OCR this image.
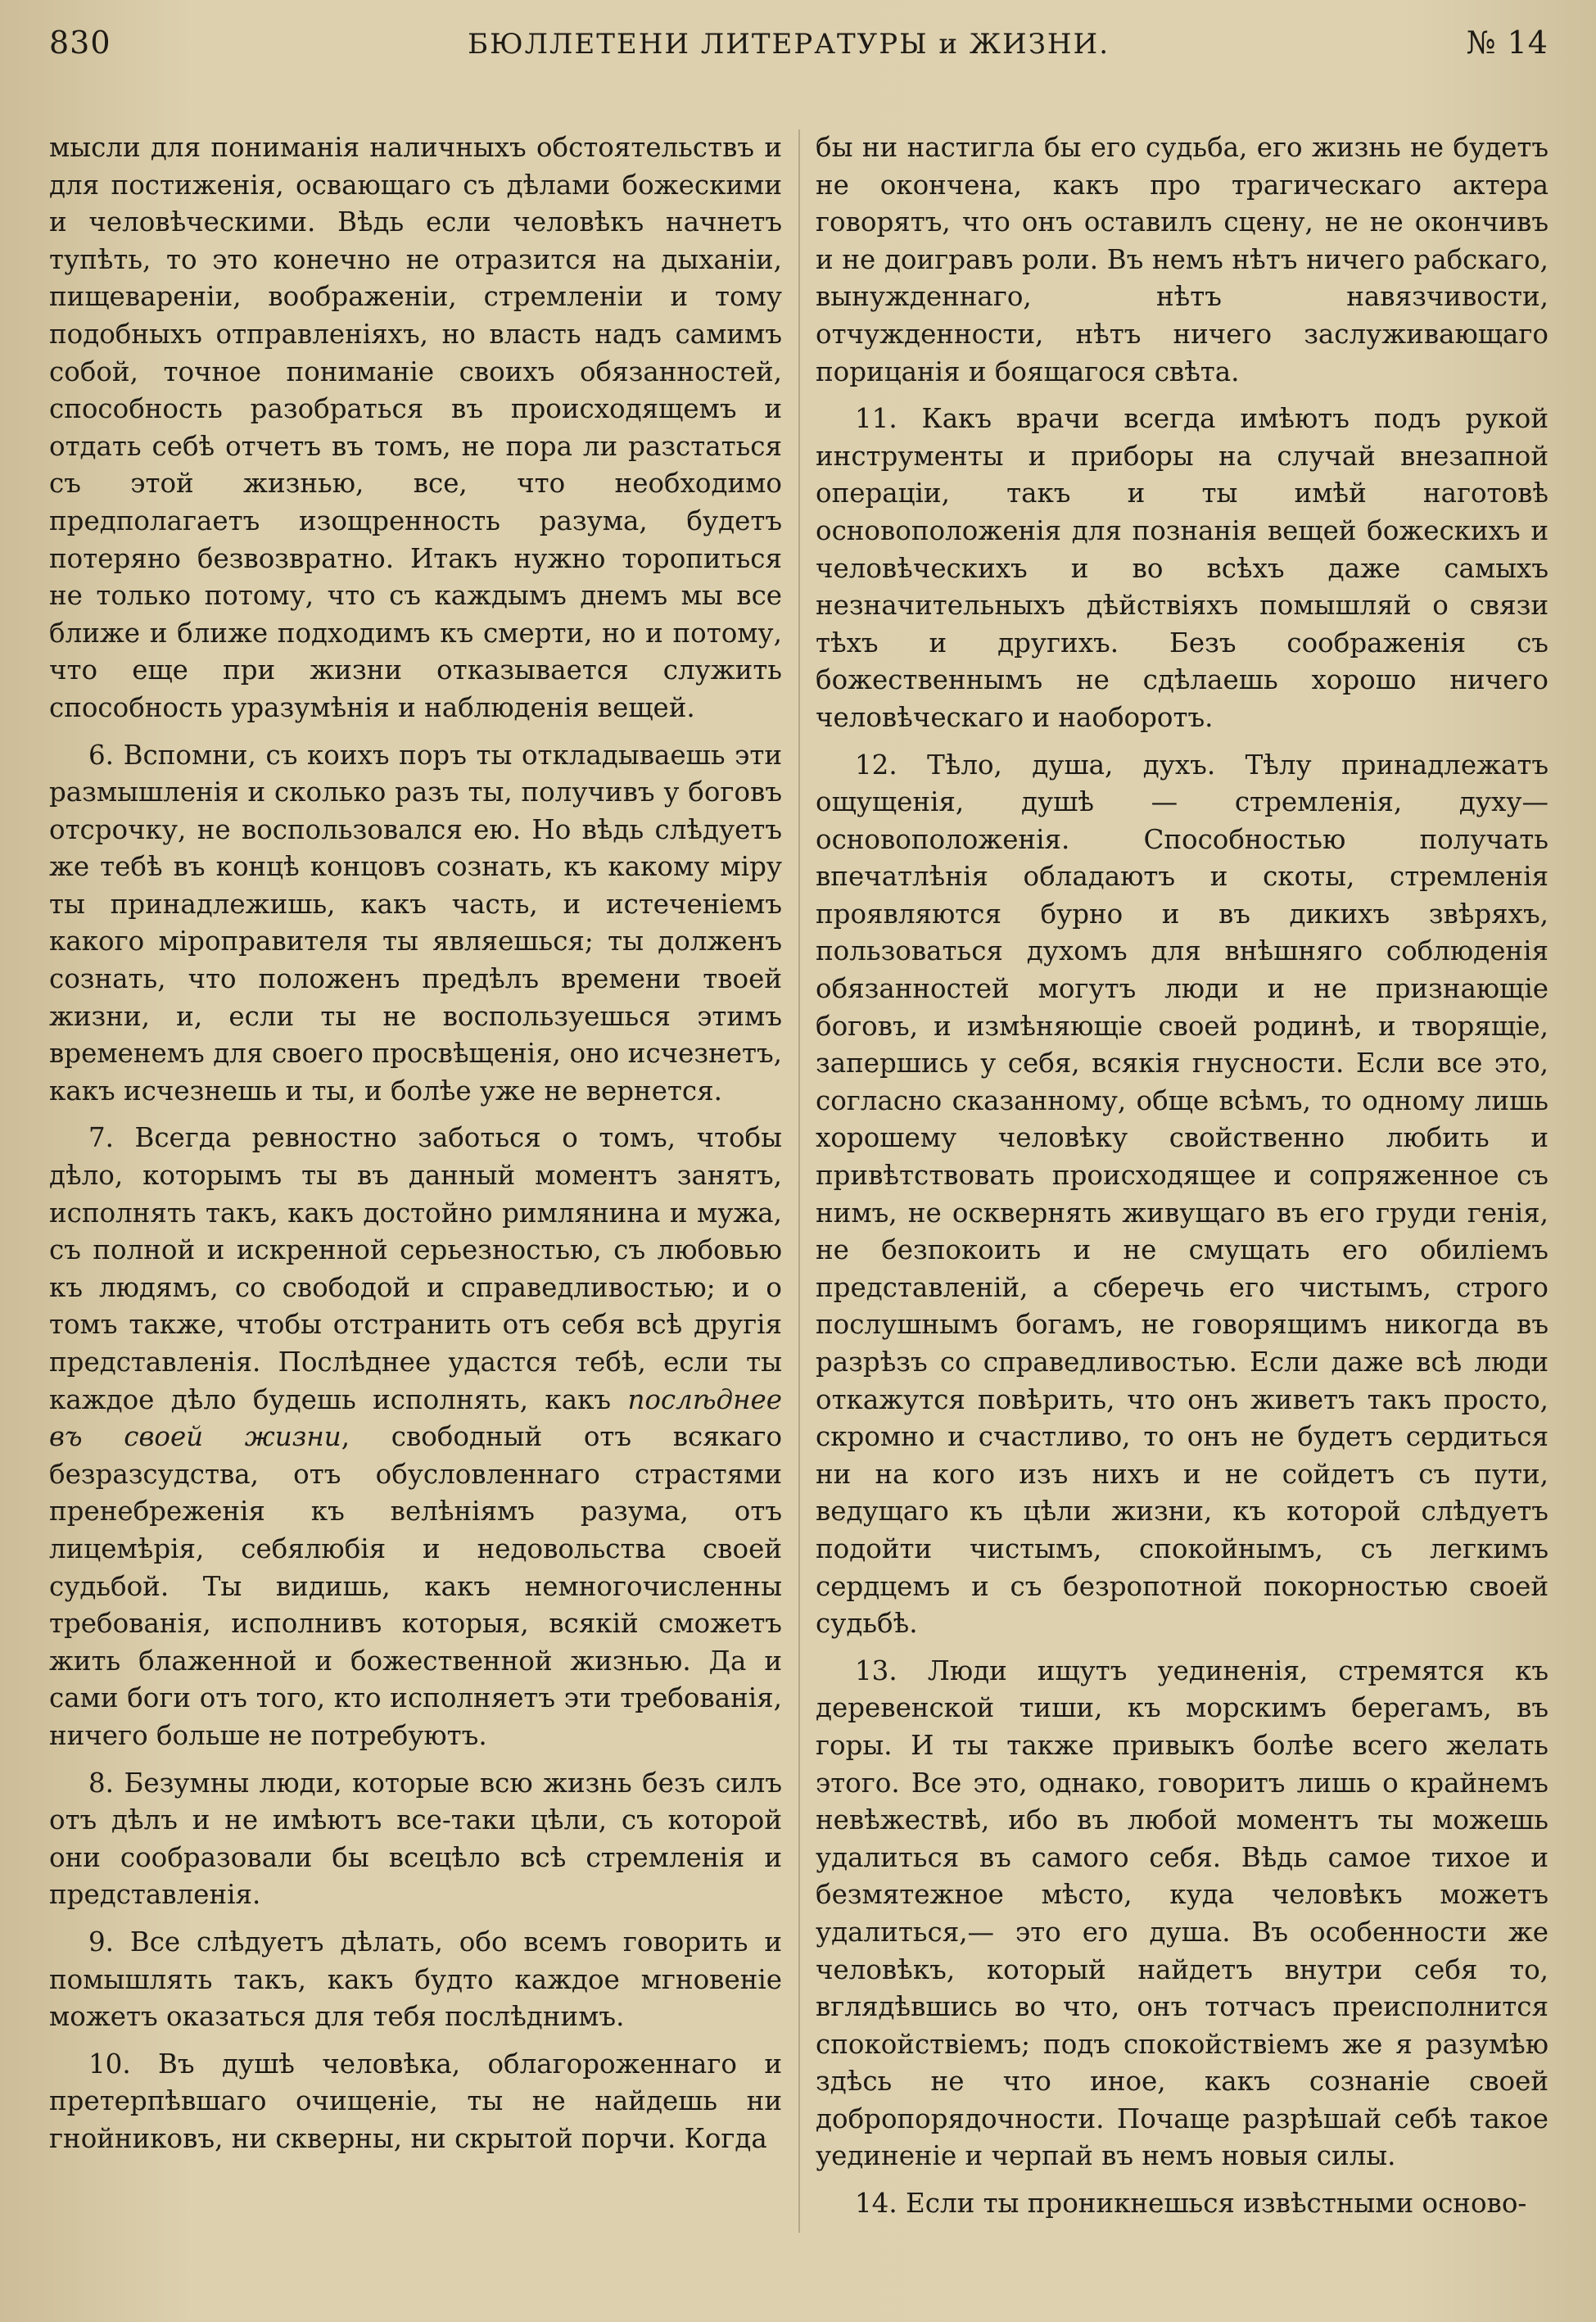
830	БЮЛЛЕТЕНИ ЛИТЕРАТУРЫ и ЖИЗНИ.	№ 14

мысли для пониманія наличныхъ обстоятельствъ и для постиженія, освающаго съ дѣлами божескими и человѣческими. Вѣдь если человѣкъ начнетъ тупѣть, то это конечно не отразится на дыханіи, пищевареніи, воображеніи, стремленіи и тому подобныхъ отправленіяхъ, но власть надъ самимъ собой, точное пониманіе своихъ обязанностей, способность разобраться въ происходящемъ и отдать себѣ отчетъ въ томъ, не пора ли разстаться съ этой жизнью, все, что необходимо предполагаетъ изощренность разума, будетъ потеряно безвозвратно. Итакъ нужно торопиться не только потому, что съ каждымъ днемъ мы все ближе и ближе подходимъ къ смерти, но и потому, что еще при жизни отказывается служить способность уразумѣнія и наблюденія вещей.

6. Вспомни, съ коихъ поръ ты откладываешь эти размышленія и сколько разъ ты, получивъ у боговъ отсрочку, не воспользовался ею. Но вѣдь слѣдуетъ же тебѣ въ концѣ концовъ сознать, къ какому міру ты принадлежишь, какъ часть, и истеченіемъ какого міроправителя ты являешься; ты долженъ сознать, что положенъ предѣлъ времени твоей жизни, и, если ты не воспользуешься этимъ временемъ для своего просвѣщенія, оно исчезнетъ, какъ исчезнешь и ты, и болѣе уже не вернется.

7. Всегда ревностно заботься о томъ, чтобы дѣло, которымъ ты въ данный моментъ занятъ, исполнять такъ, какъ достойно римлянина и мужа, съ полной и искренной серьезностью, съ любовью къ людямъ, со свободой и справедливостью; и о томъ также, чтобы отстранить отъ себя всѣ другія представленія. Послѣднее удастся тебѣ, если ты каждое дѣло будешь исполнять, какъ послѣднее въ своей жизни, свободный отъ всякаго безразсудства, отъ обусловленнаго страстями пренебреженія къ велѣніямъ разума, отъ лицемѣрія, себялюбія и недовольства своей судьбой. Ты видишь, какъ немногочисленны требованія, исполнивъ которыя, всякій сможетъ жить блаженной и божественной жизнью. Да и сами боги отъ того, кто исполняетъ эти требованія, ничего больше не потребуютъ.

8. Безумны люди, которые всю жизнь безъ силъ отъ дѣлъ и не имѣютъ все-таки цѣли, съ которой они сообразовали бы всецѣло всѣ стремленія и представленія.

9. Все слѣдуетъ дѣлать, обо всемъ говорить и помышлять такъ, какъ будто каждое мгновеніе можетъ оказаться для тебя послѣднимъ.

10. Въ душѣ человѣка, облагороженнаго и претерпѣвшаго очищеніе, ты не найдешь ни гнойниковъ, ни скверны, ни скрытой порчи. Когда

бы ни настигла бы его судьба, его жизнь не будетъ не окончена, какъ про трагическаго актера говорятъ, что онъ оставилъ сцену, не не окончивъ и не доигравъ роли. Въ немъ нѣтъ ничего рабскаго, вынужденнаго, нѣтъ навязчивости, отчужденности, нѣтъ ничего заслуживающаго порицанія и боящагося свѣта.

11. Какъ врачи всегда имѣютъ подъ рукой инструменты и приборы на случай внезапной операціи, такъ и ты имѣй наготовѣ основоположенія для познанія вещей божескихъ и человѣческихъ и во всѣхъ даже самыхъ незначительныхъ дѣйствіяхъ помышляй о связи тѣхъ и другихъ. Безъ соображенія съ божественнымъ не сдѣлаешь хорошо ничего человѣческаго и наоборотъ.

12. Тѣло, душа, духъ. Тѣлу принадлежатъ ощущенія, душѣ — стремленія, духу—основоположенія. Способностью получать впечатлѣнія обладаютъ и скоты, стремленія проявляются бурно и въ дикихъ звѣряхъ, пользоваться духомъ для внѣшняго соблюденія обязанностей могутъ люди и не признающіе боговъ, и измѣняющіе своей родинѣ, и творящіе, запершись у себя, всякія гнусности. Если все это, согласно сказанному, обще всѣмъ, то одному лишь хорошему человѣку свойственно любить и привѣтствовать происходящее и сопряженное съ нимъ, не осквернять живущаго въ его груди генія, не безпокоить и не смущать его обиліемъ представленій, а сберечь его чистымъ, строго послушнымъ богамъ, не говорящимъ никогда въ разрѣзъ со справедливостью. Если даже всѣ люди откажутся повѣрить, что онъ живетъ такъ просто, скромно и счастливо, то онъ не будетъ сердиться ни на кого изъ нихъ и не сойдетъ съ пути, ведущаго къ цѣли жизни, къ которой слѣдуетъ подойти чистымъ, спокойнымъ, съ легкимъ сердцемъ и съ безропотной покорностью своей судьбѣ.

13. Люди ищутъ уединенія, стремятся къ деревенской тиши, къ морскимъ берегамъ, въ горы. И ты также привыкъ болѣе всего желать этого. Все это, однако, говоритъ лишь о крайнемъ невѣжествѣ, ибо въ любой моментъ ты можешь удалиться въ самого себя. Вѣдь самое тихое и безмятежное мѣсто, куда человѣкъ можетъ удалиться,— это его душа. Въ особенности же человѣкъ, который найдетъ внутри себя то, вглядѣвшись во что, онъ тотчасъ преисполнится спокойствіемъ; подъ спокойствіемъ же я разумѣю здѣсь не что иное, какъ сознаніе своей добропорядочности. Почаще разрѣшай себѣ такое уединеніе и черпай въ немъ новыя силы.

14. Если ты проникнешься извѣстными осново-
